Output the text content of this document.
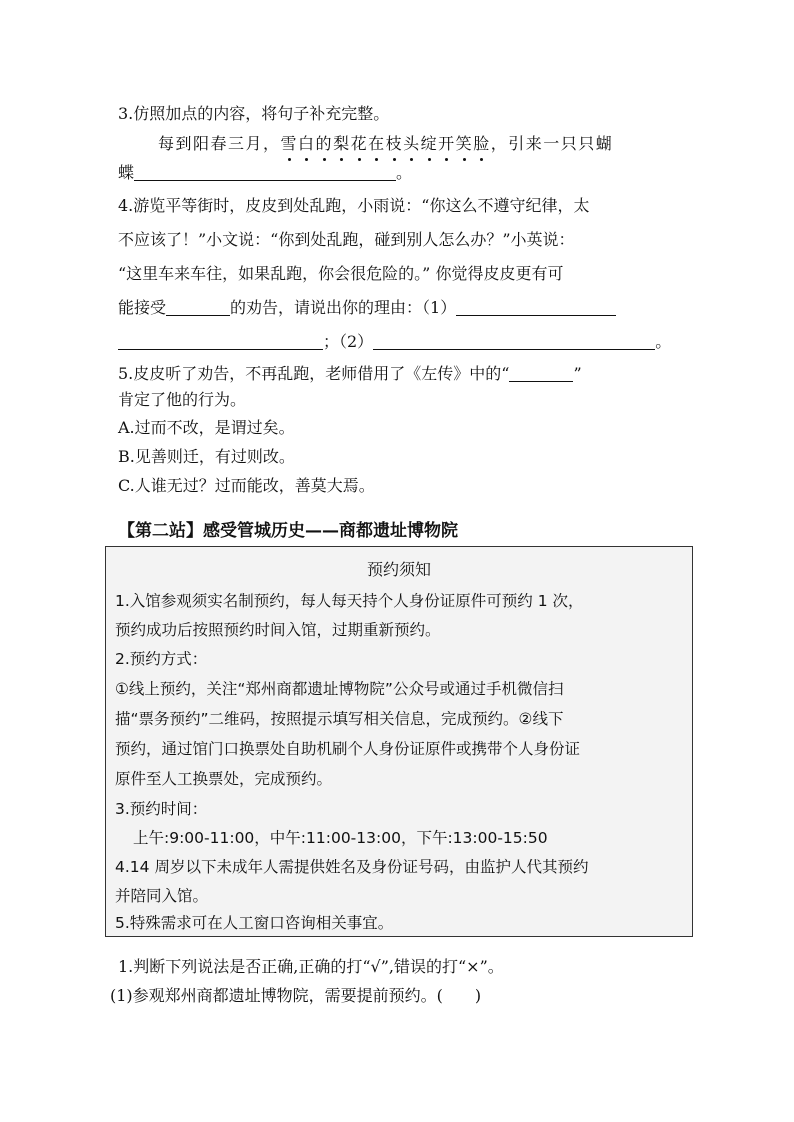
3.仿照加点的内容，将句子补充完整。
每到阳春三月，雪白的梨花在枝头绽开笑脸，引来一只只蝴
蝶	。
4.游览平等街时，皮皮到处乱跑，小雨说：“你这么不遵守纪律，太
不应该了！”小文说：“你到处乱跑，碰到别人怎么办？”小英说：
“这里车来车往，如果乱跑，你会很危险的。” 你觉得皮皮更有可
能接受	的劝告，请说出你的理由：（1）
；（2）	。
5.皮皮听了劝告，不再乱跑，老师借用了《左传》中的“	”
肯定了他的行为。
A.过而不改，是谓过矣。
B.见善则迁，有过则改。
C.人谁无过？过而能改，善莫大焉。
【第二站】感受管城历史——商都遗址博物院
预约须知
1.入馆参观须实名制预约，每人每天持个人身份证原件可预约 1 次，
预约成功后按照预约时间入馆，过期重新预约。
2.预约方式：
①线上预约，关注“郑州商都遗址博物院”公众号或通过手机微信扫
描“票务预约”二维码，按照提示填写相关信息，完成预约。②线下
预约，通过馆门口换票处自助机刷个人身份证原件或携带个人身份证
原件至人工换票处，完成预约。
3.预约时间：
上午:9:00-11:00，中午:11:00-13:00，下午:13:00-15:50
4.14 周岁以下未成年人需提供姓名及身份证号码，由监护人代其预约
并陪同入馆。
5.特殊需求可在人工窗口咨询相关事宜。
1.判断下列说法是否正确,正确的打“√”,错误的打“×”。
(1)参观郑州商都遗址博物院，需要提前预约。(　　)
